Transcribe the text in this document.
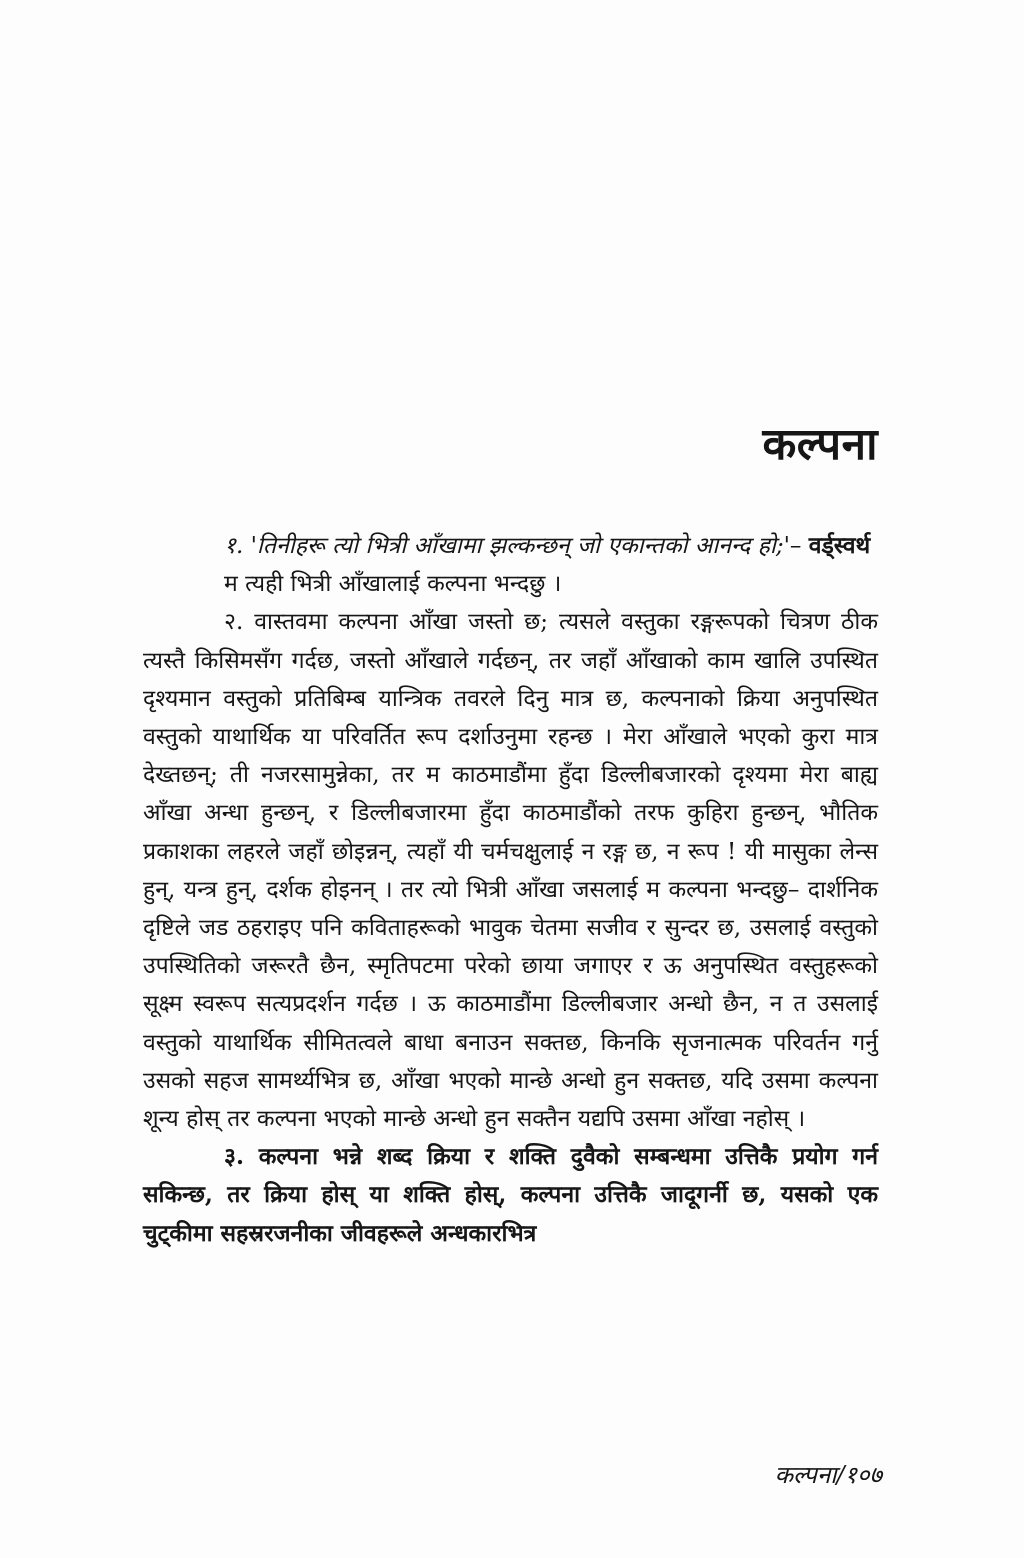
कल्पना

१. 'तिनीहरू त्यो भित्री आँखामा झल्कन्छन् जो एकान्तको आनन्द हो;'– वर्ड्स्वर्थ

म त्यही भित्री आँखालाई कल्पना भन्दछु ।

२. वास्तवमा कल्पना आँखा जस्तो छ; त्यसले वस्तुका रङ्गरूपको चित्रण ठीक त्यस्तै किसिमसँग गर्दछ, जस्तो आँखाले गर्दछन्, तर जहाँ आँखाको काम खालि उपस्थित दृश्यमान वस्तुको प्रतिबिम्ब यान्त्रिक तवरले दिनु मात्र छ, कल्पनाको क्रिया अनुपस्थित वस्तुको याथार्थिक या परिवर्तित रूप दर्शाउनुमा रहन्छ । मेरा आँखाले भएको कुरा मात्र देख्तछन्; ती नजरसामुन्नेका, तर म काठमाडौंमा हुँदा डिल्लीबजारको दृश्यमा मेरा बाह्य आँखा अन्धा हुन्छन्, र डिल्लीबजारमा हुँदा काठमाडौंको तरफ कुहिरा हुन्छन्, भौतिक प्रकाशका लहरले जहाँ छोइन्नन्, त्यहाँ यी चर्मचक्षुलाई न रङ्ग छ, न रूप ! यी मासुका लेन्स हुन्, यन्त्र हुन्, दर्शक होइनन् । तर त्यो भित्री आँखा जसलाई म कल्पना भन्दछु– दार्शनिक दृष्टिले जड ठहराइए पनि कविताहरूको भावुक चेतमा सजीव र सुन्दर छ, उसलाई वस्तुको उपस्थितिको जरूरतै छैन, स्मृतिपटमा परेको छाया जगाएर र ऊ अनुपस्थित वस्तुहरूको सूक्ष्म स्वरूप सत्यप्रदर्शन गर्दछ । ऊ काठमाडौंमा डिल्लीबजार अन्धो छैन, न त उसलाई वस्तुको याथार्थिक सीमितत्वले बाधा बनाउन सक्तछ, किनकि सृजनात्मक परिवर्तन गर्नु उसको सहज सामर्थ्यभित्र छ, आँखा भएको मान्छे अन्धो हुन सक्तछ, यदि उसमा कल्पना शून्य होस् तर कल्पना भएको मान्छे अन्धो हुन सक्तैन यद्यपि उसमा आँखा नहोस् ।

३. कल्पना भन्ने शब्द क्रिया र शक्ति दुवैको सम्बन्धमा उत्तिकै प्रयोग गर्न सकिन्छ, तर क्रिया होस् या शक्ति होस्, कल्पना उत्तिकै जादूगर्नी छ, यसको एक चुट्कीमा सहस्ररजनीका जीवहरूले अन्धकारभित्र

कल्पना/१०७
